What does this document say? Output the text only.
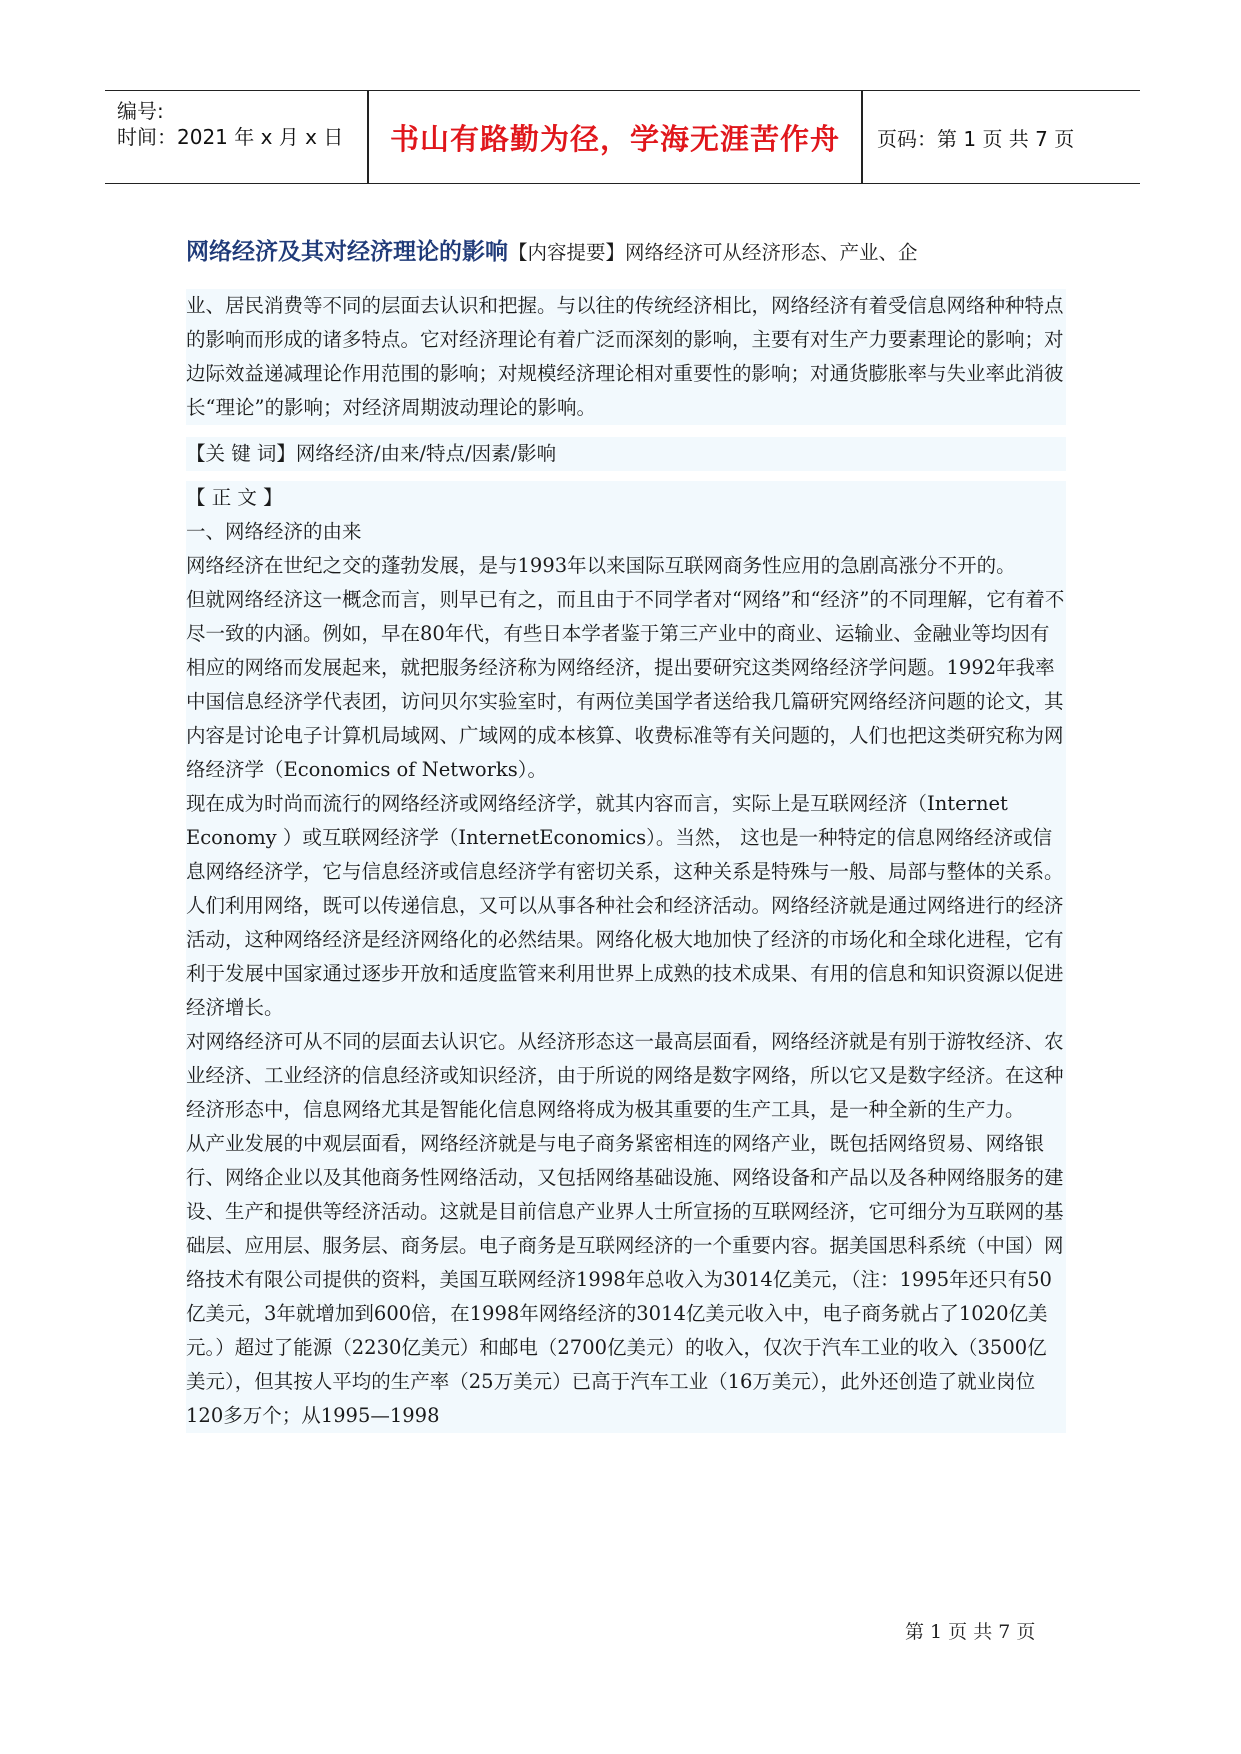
编号:
时间：2021 年 x 月 x 日 书山有路勤为径，学海无涯苦作舟 页码：第 1 页 共 7 页
网络经济及其对经济理论的影响【内容提要】网络经济可从经济形态、产业、企
业、居民消费等不同的层面去认识和把握。与以往的传统经济相比，网络经济有着受信息网络种种特点的影响而形成的诸多特点。它对经济理论有着广泛而深刻的影响，主要有对生产力要素理论的影响；对边际效益递减理论作用范围的影响；对规模经济理论相对重要性的影响；对通货膨胀率与失业率此消彼长“理论”的影响；对经济周期波动理论的影响。
【关 键 词】网络经济/由来/特点/因素/影响
【 正 文 】
一、网络经济的由来

网络经济在世纪之交的蓬勃发展，是与1993年以来国际互联网商务性应用的急剧高涨分不开的。

但就网络经济这一概念而言，则早已有之，而且由于不同学者对“网络”和“经济”的不同理解，它有着不尽一致的内涵。例如，早在80年代，有些日本学者鉴于第三产业中的商业、运输业、金融业等均因有相应的网络而发展起来，就把服务经济称为网络经济，提出要研究这类网络经济学问题。1992年我率中国信息经济学代表团，访问贝尔实验室时，有两位美国学者送给我几篇研究网络经济问题的论文，其内容是讨论电子计算机局域网、广域网的成本核算、收费标准等有关问题的，人们也把这类研究称为网络经济学（Economics of Networks）。

现在成为时尚而流行的网络经济或网络经济学，就其内容而言，实际上是互联网经济（Internet Economy ）或互联网经济学（InternetEconomics）。当然， 这也是一种特定的信息网络经济或信息网络经济学，它与信息经济或信息经济学有密切关系，这种关系是特殊与一般、局部与整体的关系。

人们利用网络，既可以传递信息，又可以从事各种社会和经济活动。网络经济就是通过网络进行的经济活动，这种网络经济是经济网络化的必然结果。网络化极大地加快了经济的市场化和全球化进程，它有利于发展中国家通过逐步开放和适度监管来利用世界上成熟的技术成果、有用的信息和知识资源以促进经济增长。

对网络经济可从不同的层面去认识它。从经济形态这一最高层面看，网络经济就是有别于游牧经济、农业经济、工业经济的信息经济或知识经济，由于所说的网络是数字网络，所以它又是数字经济。在这种经济形态中，信息网络尤其是智能化信息网络将成为极其重要的生产工具，是一种全新的生产力。

从产业发展的中观层面看，网络经济就是与电子商务紧密相连的网络产业，既包括网络贸易、网络银行、网络企业以及其他商务性网络活动，又包括网络基础设施、网络设备和产品以及各种网络服务的建设、生产和提供等经济活动。这就是目前信息产业界人士所宣扬的互联网经济，它可细分为互联网的基础层、应用层、服务层、商务层。电子商务是互联网经济的一个重要内容。据美国思科系统（中国）网络技术有限公司提供的资料，美国互联网经济1998年总收入为3014亿美元，（注：1995年还只有50亿美元，3年就增加到600倍，在1998年网络经济的3014亿美元收入中，电子商务就占了1020亿美元。）超过了能源（2230亿美元）和邮电（2700亿美元）的收入，仅次于汽车工业的收入（3500亿美元），但其按人平均的生产率（25万美元）已高于汽车工业（16万美元），此外还创造了就业岗位120多万个；从1995—1998

第 1 页 共 7 页
